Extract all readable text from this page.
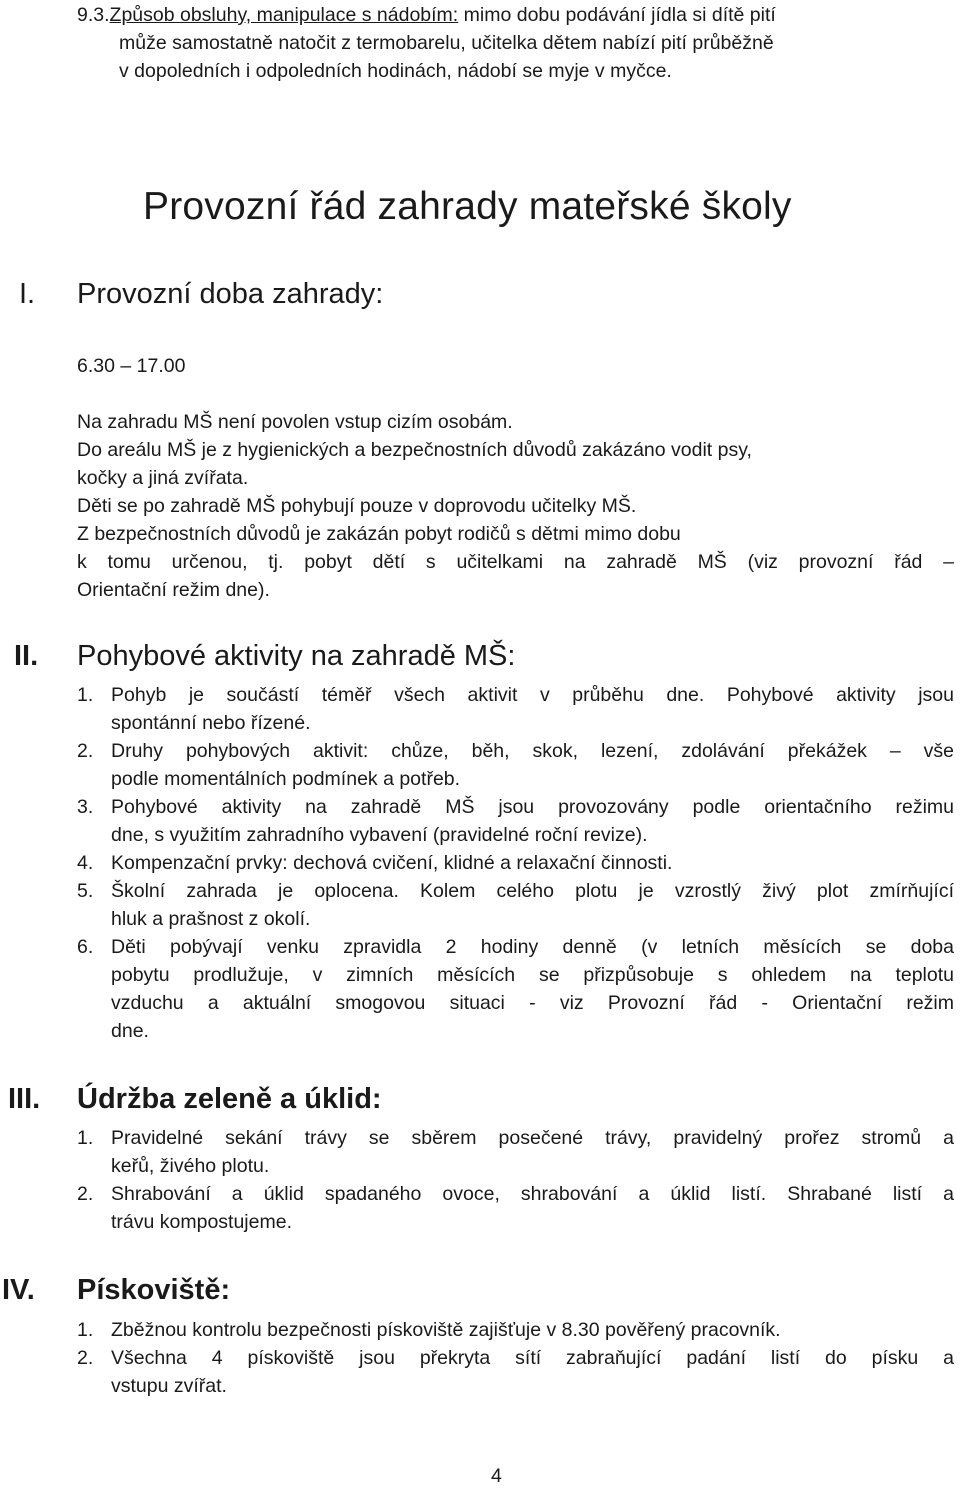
9.3.Způsob obsluhy, manipulace s nádobím: mimo dobu podávání jídla si dítě pití
může samostatně natočit z termobarelu, učitelka dětem nabízí pití průběžně
v dopoledních i odpoledních hodinách, nádobí se myje v myčce.
Provozní řád zahrady mateřské školy
I. Provozní doba zahrady:
6.30 – 17.00
Na zahradu MŠ není povolen vstup cizím osobám.
Do areálu MŠ je z hygienických a bezpečnostních důvodů zakázáno vodit psy,
kočky a jiná zvířata.
Děti se po zahradě MŠ pohybují pouze v doprovodu učitelky MŠ.
Z bezpečnostních důvodů je zakázán pobyt rodičů s dětmi mimo dobu
k tomu určenou, tj. pobyt dětí s učitelkami na zahradě MŠ (viz provozní řád –
Orientační režim dne).
II. Pohybové aktivity na zahradě MŠ:
1. Pohyb je součástí téměř všech aktivit v průběhu dne. Pohybové aktivity jsou
spontánní nebo řízené.
2. Druhy pohybových aktivit: chůze, běh, skok, lezení, zdolávání překážek – vše
podle momentálních podmínek a potřeb.
3. Pohybové aktivity na zahradě MŠ jsou provozovány podle orientačního režimu
dne, s využitím zahradního vybavení (pravidelné roční revize).
4. Kompenzační prvky: dechová cvičení, klidné a relaxační činnosti.
5. Školní zahrada je oplocena. Kolem celého plotu je vzrostlý živý plot zmírňující
hluk a prašnost z okolí.
6. Děti pobývají venku zpravidla 2 hodiny denně (v letních měsících se doba
pobytu prodlužuje, v zimních měsících se přizpůsobuje s ohledem na teplotu
vzduchu a aktuální smogovou situaci - viz Provozní řád - Orientační režim
dne.
III. Údržba zeleně a úklid:
1. Pravidelné sekání trávy se sběrem posečené trávy, pravidelný prořez stromů a
keřů, živého plotu.
2. Shrabování a úklid spadaného ovoce, shrabování a úklid listí. Shrabané listí a
trávu kompostujeme.
IV. Pískoviště:
1. Zběžnou kontrolu bezpečnosti pískoviště zajišťuje v 8.30 pověřený pracovník.
2. Všechna 4 pískoviště jsou překryta sítí zabraňující padání listí do písku a
vstupu zvířat.
4
